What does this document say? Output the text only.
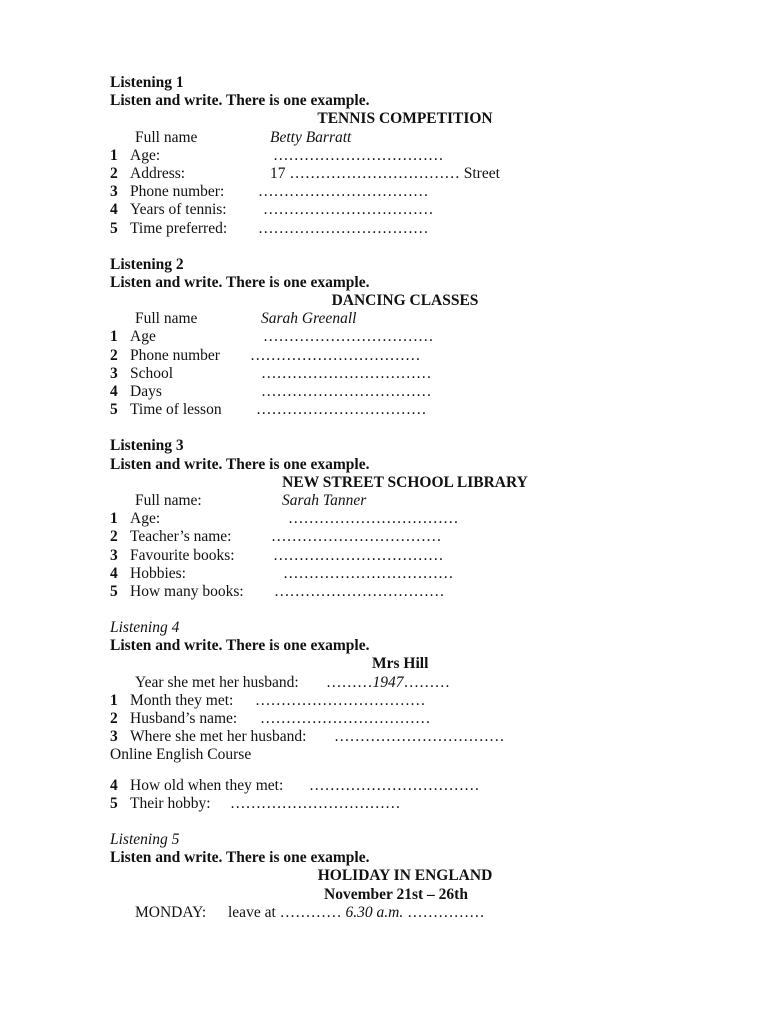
Listening 1
Listen and write. There is one example.
TENNIS COMPETITION
Full name	Betty Barratt
1 Age:	……………………………
2 Address:	17 …………………………… Street
3 Phone number: ……………………………
4 Years of tennis: ……………………………
5 Time preferred: ……………………………
Listening 2
Listen and write. There is one example.
DANCING CLASSES
Full name	Sarah Greenall
1 Age	……………………………
2 Phone number ……………………………
3 School	……………………………
4 Days	……………………………
5 Time of lesson ……………………………
Listening 3
Listen and write. There is one example.
NEW STREET SCHOOL LIBRARY
Full name:	Sarah Tanner
1 Age:	……………………………
2 Teacher’s name:	……………………………
3 Favourite books: ……………………………
4 Hobbies:	……………………………
5 How many books: ……………………………
Listening 4
Listen and write. There is one example.
Mrs Hill
Year she met her husband: ………1947………
1 Month they met: ……………………………
2 Husband’s name: ……………………………
3 Where she met her husband: ……………………………
Online English Course
4 How old when they met: ……………………………
5 Their hobby: ……………………………
Listening 5
Listen and write. There is one example.
HOLIDAY IN ENGLAND
November 21st – 26th
MONDAY: leave at ………… 6.30 a.m. ……………
